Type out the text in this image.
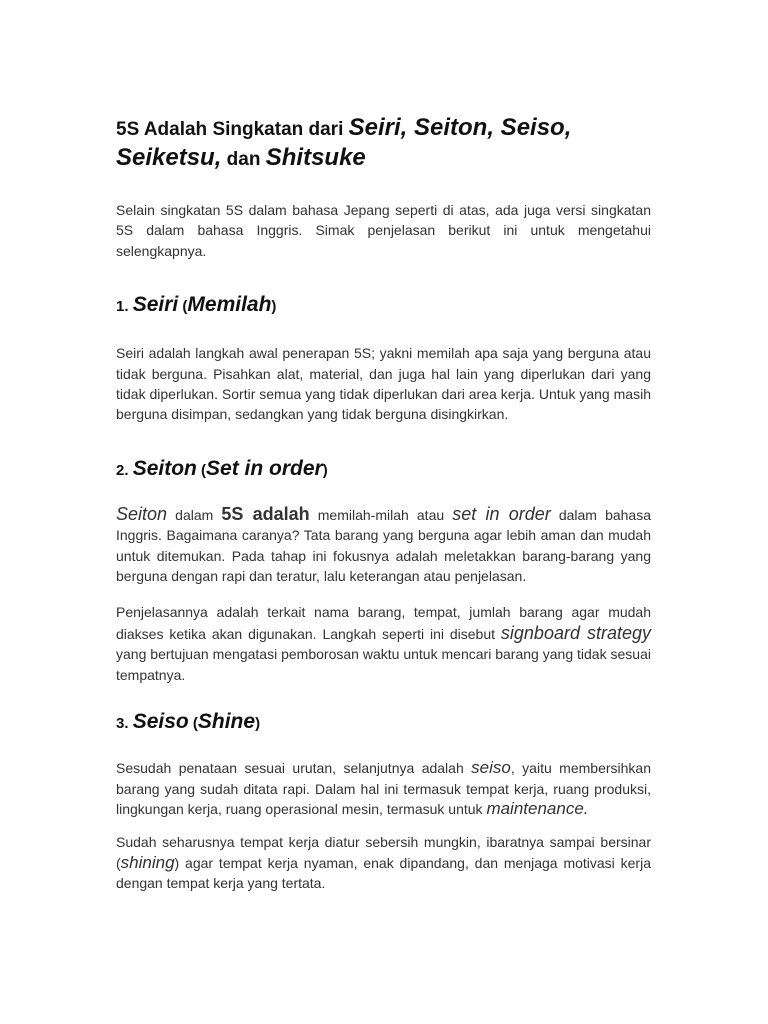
5S Adalah Singkatan dari Seiri, Seiton, Seiso, Seiketsu, dan Shitsuke

Selain singkatan 5S dalam bahasa Jepang seperti di atas, ada juga versi singkatan 5S dalam bahasa Inggris. Simak penjelasan berikut ini untuk mengetahui selengkapnya.

1. Seiri (Memilah)

Seiri adalah langkah awal penerapan 5S; yakni memilah apa saja yang berguna atau tidak berguna. Pisahkan alat, material, dan juga hal lain yang diperlukan dari yang tidak diperlukan. Sortir semua yang tidak diperlukan dari area kerja. Untuk yang masih berguna disimpan, sedangkan yang tidak berguna disingkirkan.

2. Seiton (Set in order)

Seiton dalam 5S adalah memilah-milah atau set in order dalam bahasa Inggris. Bagaimana caranya? Tata barang yang berguna agar lebih aman dan mudah untuk ditemukan. Pada tahap ini fokusnya adalah meletakkan barang-barang yang berguna dengan rapi dan teratur, lalu keterangan atau penjelasan.

Penjelasannya adalah terkait nama barang, tempat, jumlah barang agar mudah diakses ketika akan digunakan. Langkah seperti ini disebut signboard strategy yang bertujuan mengatasi pemborosan waktu untuk mencari barang yang tidak sesuai tempatnya.

3. Seiso (Shine)

Sesudah penataan sesuai urutan, selanjutnya adalah seiso, yaitu membersihkan barang yang sudah ditata rapi. Dalam hal ini termasuk tempat kerja, ruang produksi, lingkungan kerja, ruang operasional mesin, termasuk untuk maintenance.

Sudah seharusnya tempat kerja diatur sebersih mungkin, ibaratnya sampai bersinar (shining) agar tempat kerja nyaman, enak dipandang, dan menjaga motivasi kerja dengan tempat kerja yang tertata.
